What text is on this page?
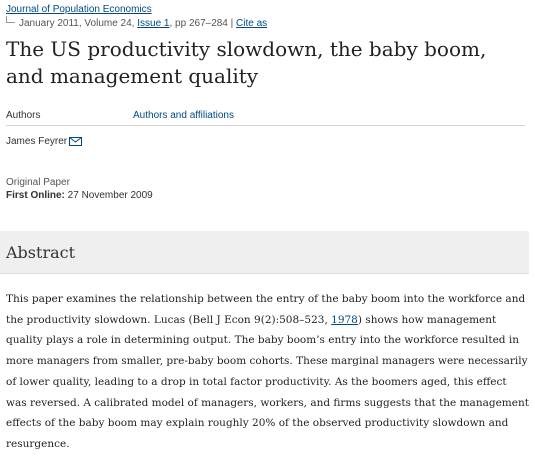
Journal of Population Economics
January 2011, Volume 24, Issue 1, pp 267–284 | Cite as
The US productivity slowdown, the baby boom, and management quality
Authors	Authors and affiliations
James Feyrer
Original Paper
First Online: 27 November 2009
Abstract

This paper examines the relationship between the entry of the baby boom into the workforce and the productivity slowdown. Lucas (Bell J Econ 9(2):508–523, 1978) shows how management quality plays a role in determining output. The baby boom’s entry into the workforce resulted in more managers from smaller, pre-baby boom cohorts. These marginal managers were necessarily of lower quality, leading to a drop in total factor productivity. As the boomers aged, this effect was reversed. A calibrated model of managers, workers, and firms suggests that the management effects of the baby boom may explain roughly 20% of the observed productivity slowdown and resurgence.
